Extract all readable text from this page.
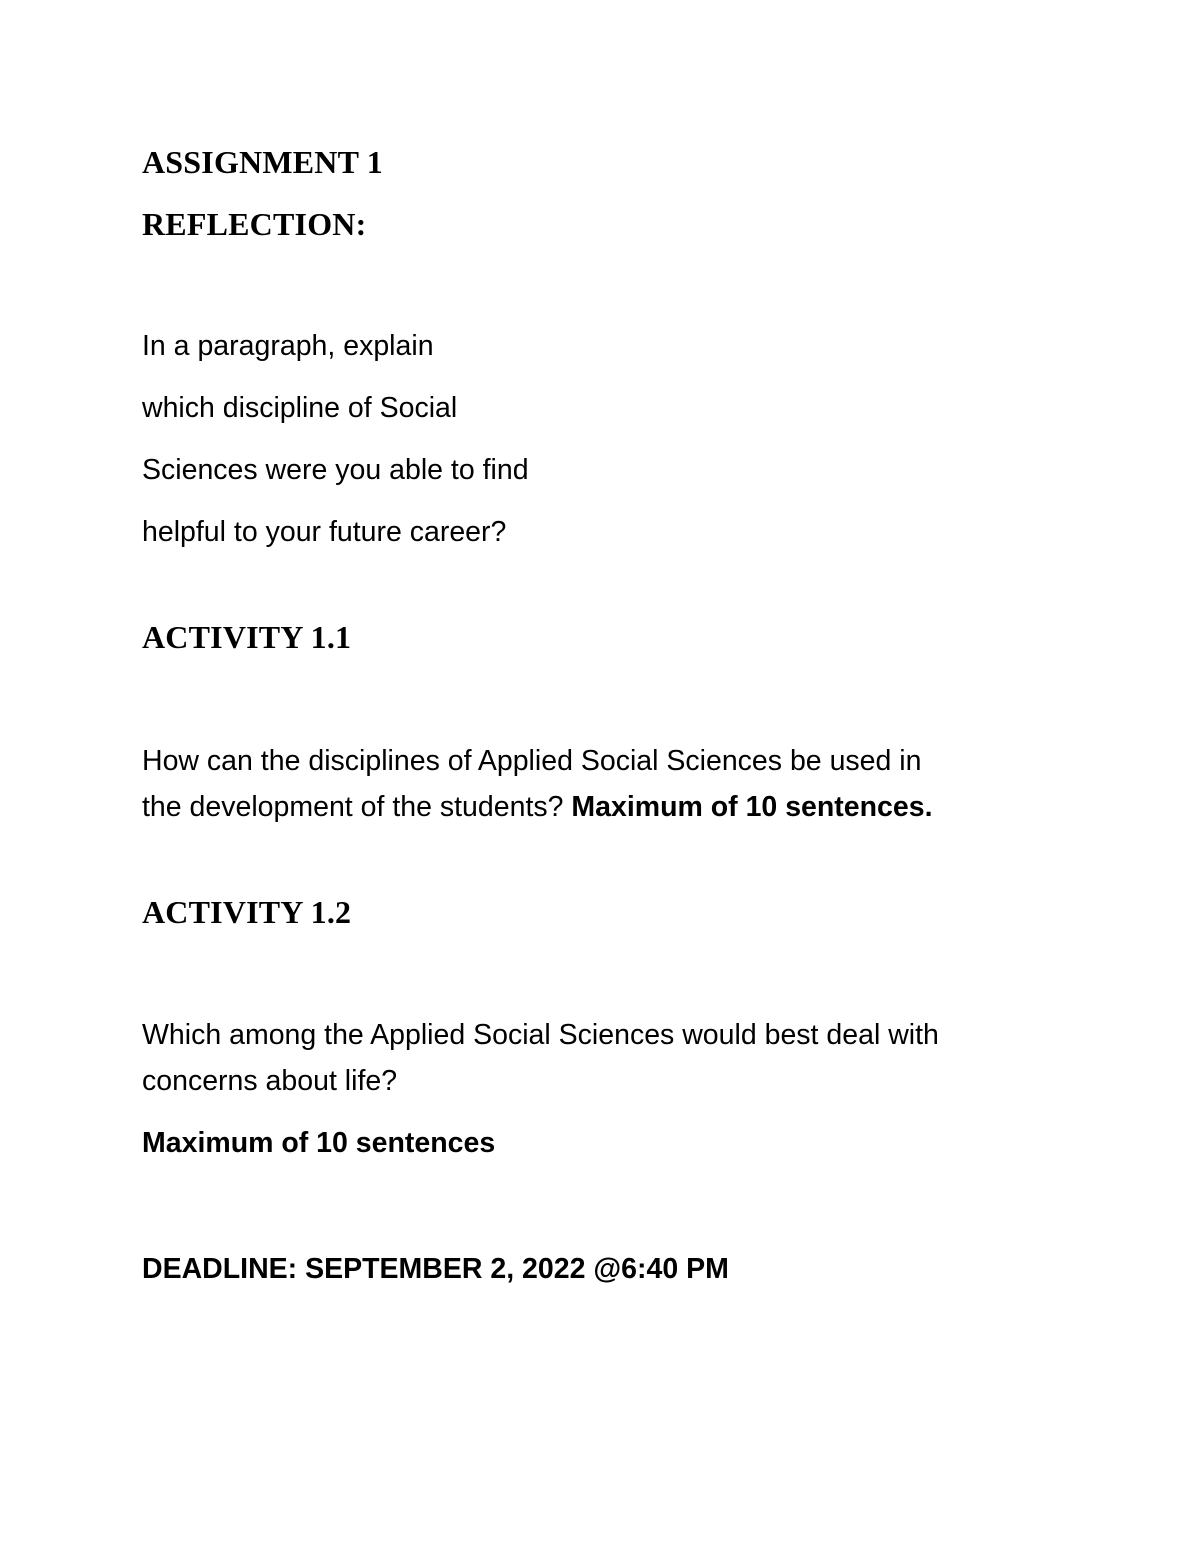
ASSIGNMENT 1
REFLECTION:
In a paragraph, explain
which discipline of Social
Sciences were you able to find
helpful to your future career?
ACTIVITY 1.1
How can the disciplines of Applied Social Sciences be used in
the development of the students? Maximum of 10 sentences.
ACTIVITY 1.2
Which among the Applied Social Sciences would best deal with
concerns about life?
Maximum of 10 sentences
DEADLINE: SEPTEMBER 2, 2022 @6:40 PM
